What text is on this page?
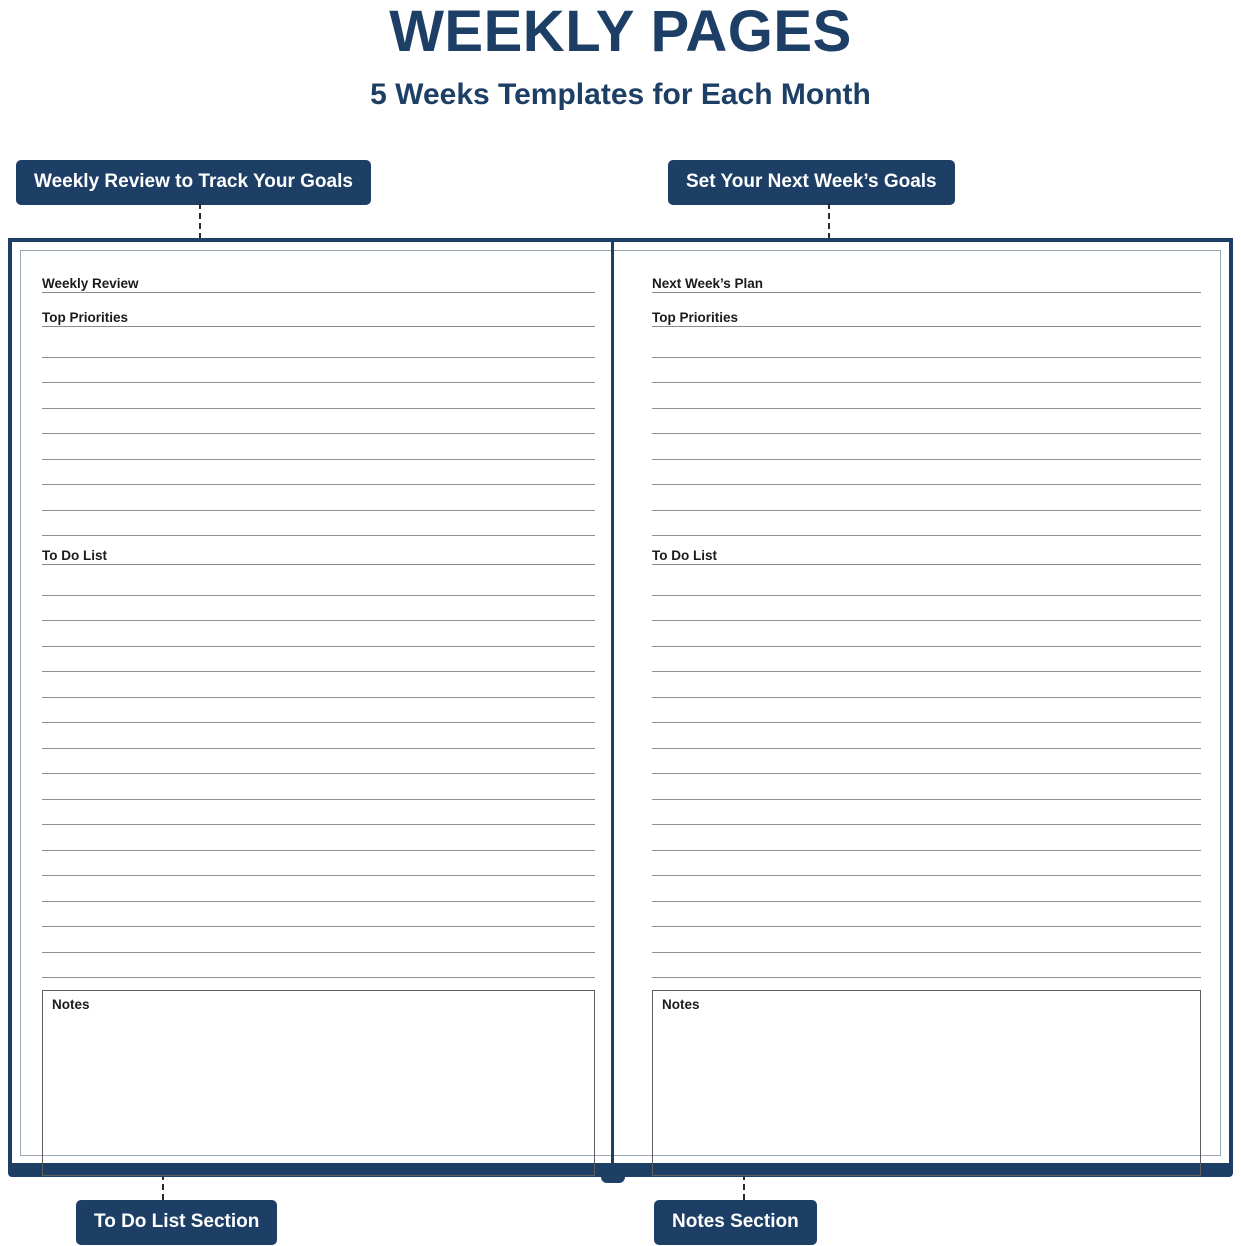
WEEKLY PAGES
5 Weeks Templates for Each Month
Weekly Review to Track Your Goals	Set Your Next Week’s Goals
To Do List Section	Notes Section
Weekly Review
Top Priorities
To Do List
Notes
Next Week’s Plan
Top Priorities
To Do List
Notes
